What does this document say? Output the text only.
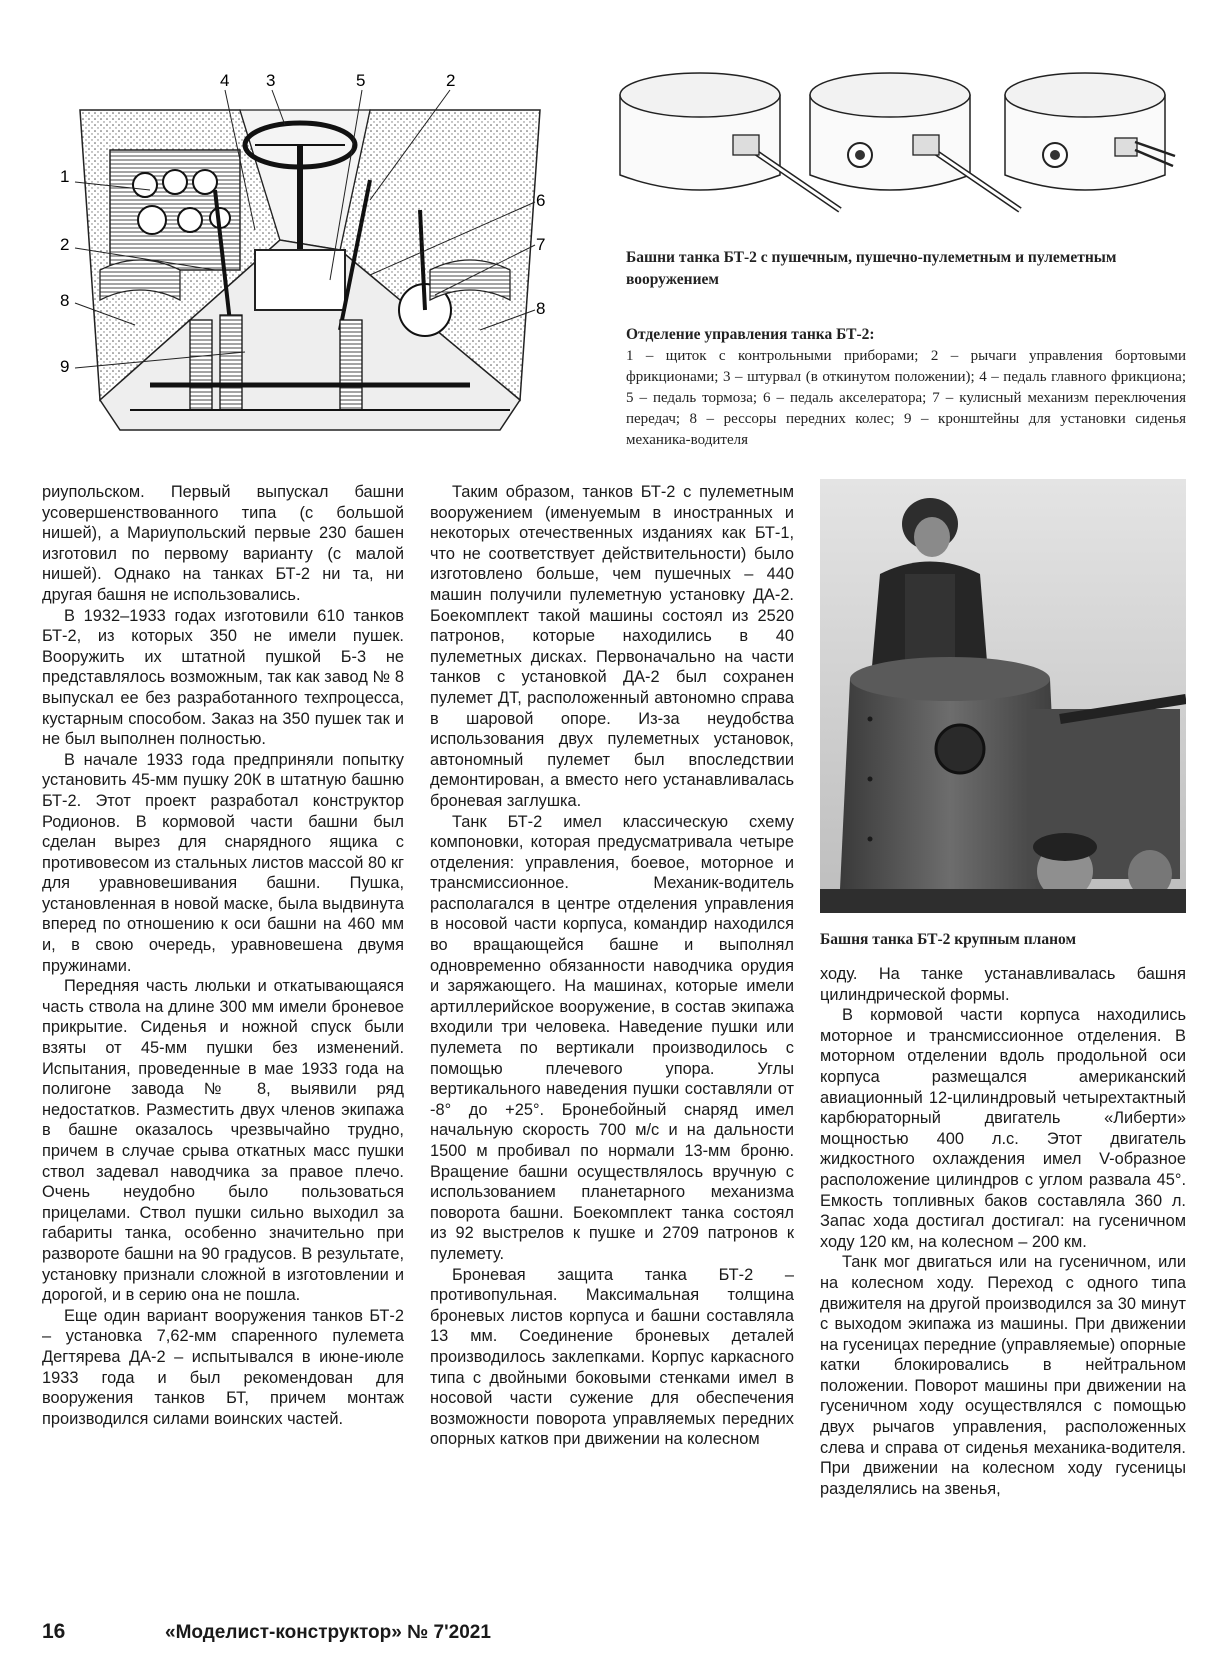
4 3	5	2
1
2
8
9
6
7
8
Башни танка БТ-2 с пушечным, пушечно-пулеметным и пулеметным вооружением
Отделение управления танка БТ-2:
1 – щиток с контрольными приборами; 2 – рычаги управления бортовыми фрикционами; 3 – штурвал (в откинутом положении); 4 – педаль главного фрикциона; 5 – педаль тормоза; 6 – педаль акселератора; 7 – кулисный механизм переключения передач; 8 – рессоры передних колес; 9 – кронштейны для установки сиденья механика-водителя
Башня танка БТ-2 крупным планом

риупольском. Первый выпускал башни усовершенствованного типа (с большой нишей), а Мариупольский первые 230 башен изготовил по первому варианту (с малой нишей). Однако на танках БТ-2 ни та, ни другая башня не использовались.

В 1932–1933 годах изготовили 610 танков БТ-2, из которых 350 не имели пушек. Вооружить их штатной пушкой Б-3 не представлялось возможным, так как завод № 8 выпускал ее без разработанного техпроцесса, кустарным способом. Заказ на 350 пушек так и не был выполнен полностью.

В начале 1933 года предприняли попытку установить 45-мм пушку 20К в штатную башню БТ-2. Этот проект разработал конструктор Родионов. В кормовой части башни был сделан вырез для снарядного ящика с противовесом из стальных листов массой 80 кг для уравновешивания башни. Пушка, установленная в новой маске, была выдвинута вперед по отношению к оси башни на 460 мм и, в свою очередь, уравновешена двумя пружинами.

Передняя часть люльки и откатывающаяся часть ствола на длине 300 мм имели броневое прикрытие. Сиденья и ножной спуск были взяты от 45-мм пушки без изменений. Испытания, проведенные в мае 1933 года на полигоне завода № 8, выявили ряд недостатков. Разместить двух членов экипажа в башне оказалось чрезвычайно трудно, причем в случае срыва откатных масс пушки ствол задевал наводчика за правое плечо. Очень неудобно было пользоваться прицелами. Ствол пушки сильно выходил за габариты танка, особенно значительно при развороте башни на 90 градусов. В результате, установку признали сложной в изготовлении и дорогой, и в серию она не пошла.

Еще один вариант вооружения танков БТ-2 – установка 7,62-мм спаренного пулемета Дегтярева ДА-2 – испытывался в июне-июле 1933 года и был рекомендован для вооружения танков БТ, причем монтаж производился силами воинских частей.

Таким образом, танков БТ-2 с пулеметным вооружением (именуемым в иностранных и некоторых отечественных изданиях как БТ-1, что не соответствует действительности) было изготовлено больше, чем пушечных – 440 машин получили пулеметную установку ДА-2. Боекомплект такой машины состоял из 2520 патронов, которые находились в 40 пулеметных дисках. Первоначально на части танков с установкой ДА-2 был сохранен пулемет ДТ, расположенный автономно справа в шаровой опоре. Из-за неудобства использования двух пулеметных установок, автономный пулемет был впоследствии демонтирован, а вместо него устанавливалась броневая заглушка.

Танк БТ-2 имел классическую схему компоновки, которая предусматривала четыре отделения: управления, боевое, моторное и трансмиссионное. Механик-водитель располагался в центре отделения управления в носовой части корпуса, командир находился во вращающейся башне и выполнял одновременно обязанности наводчика орудия и заряжающего. На машинах, которые имели артиллерийское вооружение, в состав экипажа входили три человека. Наведение пушки или пулемета по вертикали производилось с помощью плечевого упора. Углы вертикального наведения пушки составляли от -8° до +25°. Бронебойный снаряд имел начальную скорость 700 м/с и на дальности 1500 м пробивал по нормали 13-мм броню. Вращение башни осуществлялось вручную с использованием планетарного механизма поворота башни. Боекомплект танка состоял из 92 выстрелов к пушке и 2709 патронов к пулемету.

Броневая защита танка БТ-2 – противопульная. Максимальная толщина броневых листов корпуса и башни составляла 13 мм. Соединение броневых деталей производилось заклепками. Корпус каркасного типа с двойными боковыми стенками имел в носовой части сужение для обеспечения возможности поворота управляемых передних опорных катков при движении на колесном

ходу. На танке устанавливалась башня цилиндрической формы.

В кормовой части корпуса находились моторное и трансмиссионное отделения. В моторном отделении вдоль продольной оси корпуса размещался американский авиационный 12-цилиндровый четырехтактный карбюраторный двигатель «Либерти» мощностью 400 л.с. Этот двигатель жидкостного охлаждения имел V-образное расположение цилиндров с углом развала 45°. Емкость топливных баков составляла 360 л. Запас хода достигал достигал: на гусеничном ходу 120 км, на колесном – 200 км.

Танк мог двигаться или на гусеничном, или на колесном ходу. Переход с одного типа движителя на другой производился за 30 минут с выходом экипажа из машины. При движении на гусеницах передние (управляемые) опорные катки блокировались в нейтральном положении. Поворот машины при движении на гусеничном ходу осуществлялся с помощью двух рычагов управления, расположенных слева и справа от сиденья механика-водителя. При движении на колесном ходу гусеницы разделялись на звенья,

16	«Моделист-конструктор» № 7'2021
